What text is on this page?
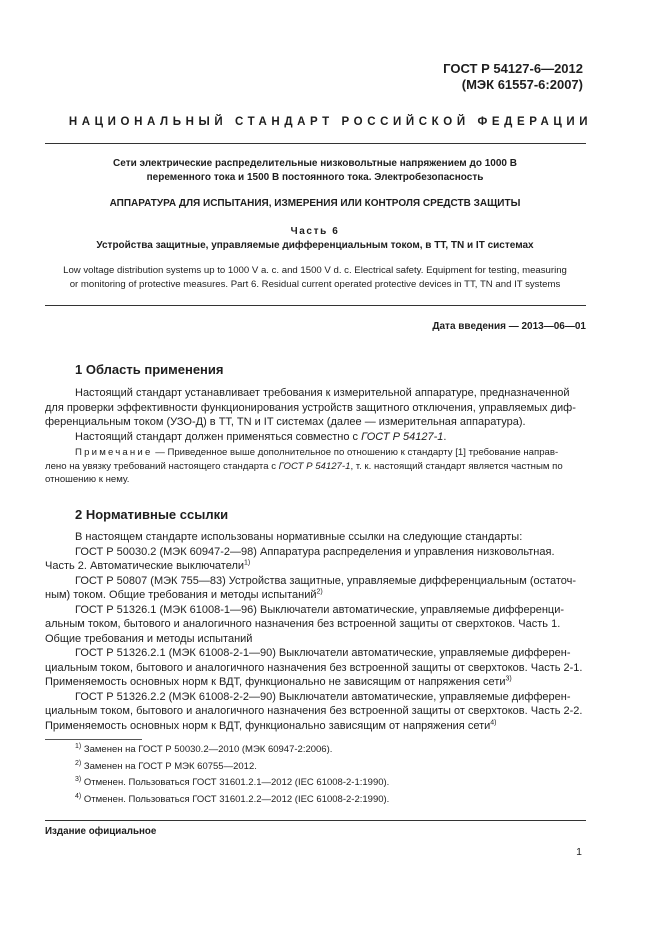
ГОСТ Р 54127-6—2012
(МЭК 61557-6:2007)
НАЦИОНАЛЬНЫЙ СТАНДАРТ РОССИЙСКОЙ ФЕДЕРАЦИИ
Сети электрические распределительные низковольтные напряжением до 1000 В
переменного тока и 1500 В постоянного тока. Электробезопасность
АППАРАТУРА ДЛЯ ИСПЫТАНИЯ, ИЗМЕРЕНИЯ ИЛИ КОНТРОЛЯ СРЕДСТВ ЗАЩИТЫ
Часть 6
Устройства защитные, управляемые дифференциальным током, в TT, TN и IT системах
Low voltage distribution systems up to 1000 V a. c. and 1500 V d. c. Electrical safety. Equipment for testing, measuring
or monitoring of protective measures. Part 6. Residual current operated protective devices in TT, TN and IT systems
Дата введения — 2013—06—01
1 Область применения

Настоящий стандарт устанавливает требования к измерительной аппаратуре, предназначенной

для проверки эффективности функционирования устройств защитного отключения, управляемых диф-

ференциальным током (УЗО-Д) в TT, TN и IT системах (далее — измерительная аппаратура).

Настоящий стандарт должен применяться совместно с ГОСТ Р 54127-1.

Примечание — Приведенное выше дополнительное по отношению к стандарту [1] требование направ-

лено на увязку требований настоящего стандарта с ГОСТ Р 54127-1, т. к. настоящий стандарт является частным по

отношению к нему.

2 Нормативные ссылки

В настоящем стандарте использованы нормативные ссылки на следующие стандарты:

ГОСТ Р 50030.2 (МЭК 60947-2—98) Аппаратура распределения и управления низковольтная.

Часть 2. Автоматические выключатели$^{1)}$

ГОСТ Р 50807 (МЭК 755—83) Устройства защитные, управляемые дифференциальным (остаточ-

ным) током. Общие требования и методы испытаний$^{2)}$

ГОСТ Р 51326.1 (МЭК 61008-1—96) Выключатели автоматические, управляемые дифференци-

альным током, бытового и аналогичного назначения без встроенной защиты от сверхтоков. Часть 1.

Общие требования и методы испытаний

ГОСТ Р 51326.2.1 (МЭК 61008-2-1—90) Выключатели автоматические, управляемые дифферен-

циальным током, бытового и аналогичного назначения без встроенной защиты от сверхтоков. Часть 2-1.

Применяемость основных норм к ВДТ, функционально не зависящим от напряжения сети$^{3)}$

ГОСТ Р 51326.2.2 (МЭК 61008-2-2—90) Выключатели автоматические, управляемые дифферен-

циальным током, бытового и аналогичного назначения без встроенной защиты от сверхтоков. Часть 2-2.

Применяемость основных норм к ВДТ, функционально зависящим от напряжения сети$^{4)}$

$^{1)}$ Заменен на ГОСТ Р 50030.2—2010 (МЭК 60947-2:2006).

$^{2)}$ Заменен на ГОСТ Р МЭК 60755—2012.

$^{3)}$ Отменен. Пользоваться ГОСТ 31601.2.1—2012 (IEC 61008-2-1:1990).

$^{4)}$ Отменен. Пользоваться ГОСТ 31601.2.2—2012 (IEC 61008-2-2:1990).

Издание официальное
1
